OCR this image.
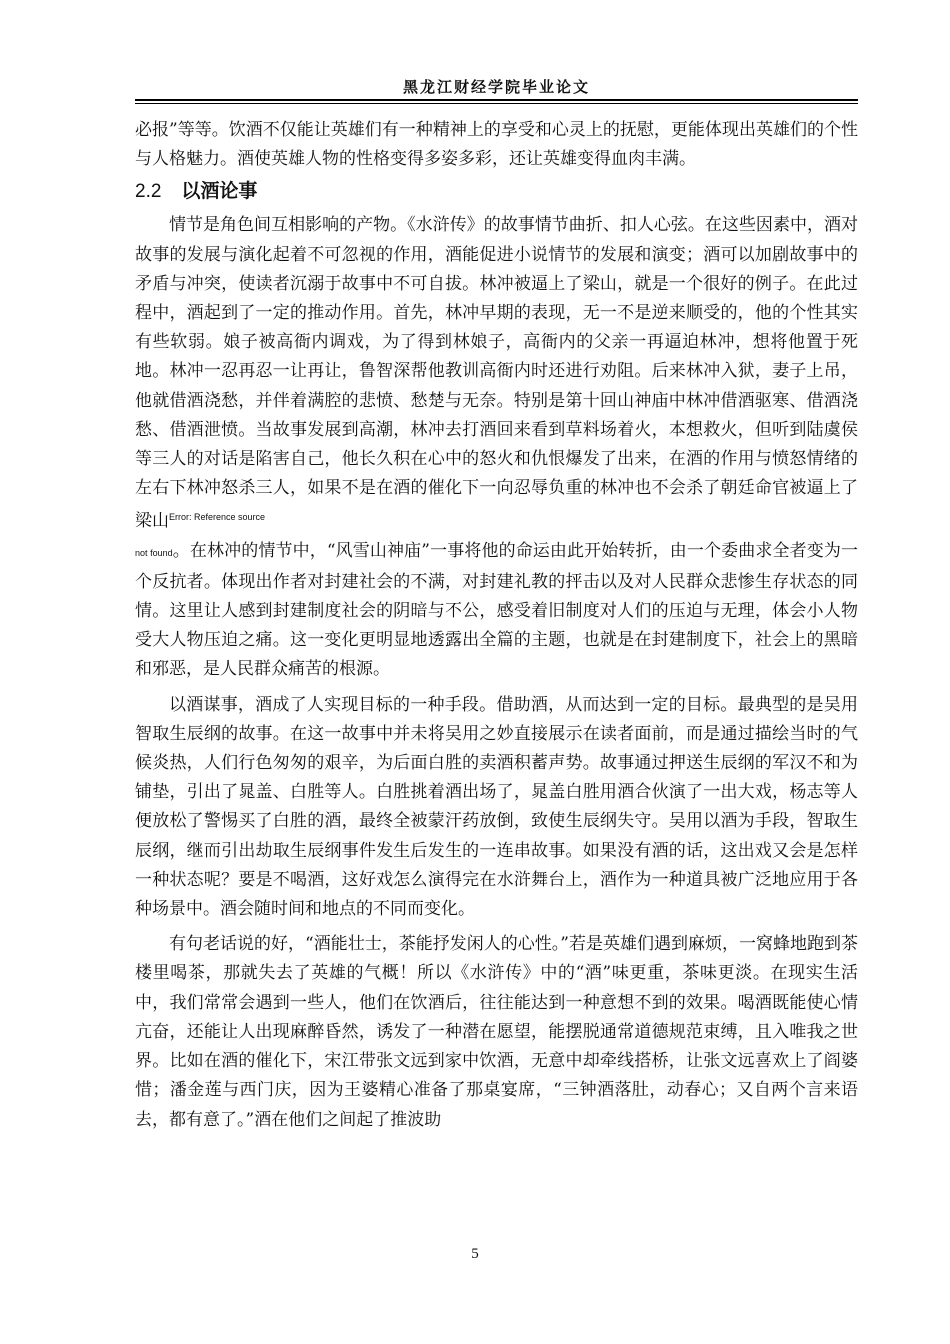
黑龙江财经学院毕业论文

必报”等等。饮酒不仅能让英雄们有一种精神上的享受和心灵上的抚慰，更能体现出英雄们的个性与人格魅力。酒使英雄人物的性格变得多姿多彩，还让英雄变得血肉丰满。

2.2 以酒论事

情节是角色间互相影响的产物。《水浒传》的故事情节曲折、扣人心弦。在这些因素中，酒对故事的发展与演化起着不可忽视的作用，酒能促进小说情节的发展和演变；酒可以加剧故事中的矛盾与冲突，使读者沉溺于故事中不可自拔。林冲被逼上了梁山，就是一个很好的例子。在此过程中，酒起到了一定的推动作用。首先，林冲早期的表现，无一不是逆来顺受的，他的个性其实有些软弱。娘子被高衙内调戏，为了得到林娘子，高衙内的父亲一再逼迫林冲，想将他置于死地。林冲一忍再忍一让再让，鲁智深帮他教训高衙内时还进行劝阻。后来林冲入狱，妻子上吊，他就借酒浇愁，并伴着满腔的悲愤、愁楚与无奈。特别是第十回山神庙中林冲借酒驱寒、借酒浇愁、借酒泄愤。当故事发展到高潮，林冲去打酒回来看到草料场着火，本想救火，但听到陆虞侯等三人的对话是陷害自己，他长久积在心中的怒火和仇恨爆发了出来，在酒的作用与愤怒情绪的左右下林冲怒杀三人，如果不是在酒的催化下一向忍辱负重的林冲也不会杀了朝廷命官被逼上了梁山$^{Error: Reference source}$
not found。在林冲的情节中，“风雪山神庙”一事将他的命运由此开始转折，由一个委曲求全者变为一个反抗者。体现出作者对封建社会的不满，对封建礼教的抨击以及对人民群众悲惨生存状态的同情。这里让人感到封建制度社会的阴暗与不公，感受着旧制度对人们的压迫与无理，体会小人物受大人物压迫之痛。这一变化更明显地透露出全篇的主题，也就是在封建制度下，社会上的黑暗和邪恶，是人民群众痛苦的根源。

以酒谋事，酒成了人实现目标的一种手段。借助酒，从而达到一定的目标。最典型的是吴用智取生辰纲的故事。在这一故事中并未将吴用之妙直接展示在读者面前，而是通过描绘当时的气候炎热，人们行色匆匆的艰辛，为后面白胜的卖酒积蓄声势。故事通过押送生辰纲的军汉不和为铺垫，引出了晁盖、白胜等人。白胜挑着酒出场了，晁盖白胜用酒合伙演了一出大戏，杨志等人便放松了警惕买了白胜的酒，最终全被蒙汗药放倒，致使生辰纲失守。吴用以酒为手段，智取生辰纲，继而引出劫取生辰纲事件发生后发生的一连串故事。如果没有酒的话，这出戏又会是怎样一种状态呢？要是不喝酒，这好戏怎么演得完在水浒舞台上，酒作为一种道具被广泛地应用于各种场景中。酒会随时间和地点的不同而变化。

有句老话说的好，“酒能壮士，茶能抒发闲人的心性。”若是英雄们遇到麻烦，一窝蜂地跑到茶楼里喝茶，那就失去了英雄的气概！所以《水浒传》中的“酒”味更重，茶味更淡。在现实生活中，我们常常会遇到一些人，他们在饮酒后，往往能达到一种意想不到的效果。喝酒既能使心情亢奋，还能让人出现麻醉昏然，诱发了一种潜在愿望，能摆脱通常道德规范束缚，且入唯我之世界。比如在酒的催化下，宋江带张文远到家中饮酒，无意中却牵线搭桥，让张文远喜欢上了阎婆惜；潘金莲与西门庆，因为王婆精心准备了那桌宴席，“三钟酒落肚，动春心；又自两个言来语去，都有意了。”酒在他们之间起了推波助

5
